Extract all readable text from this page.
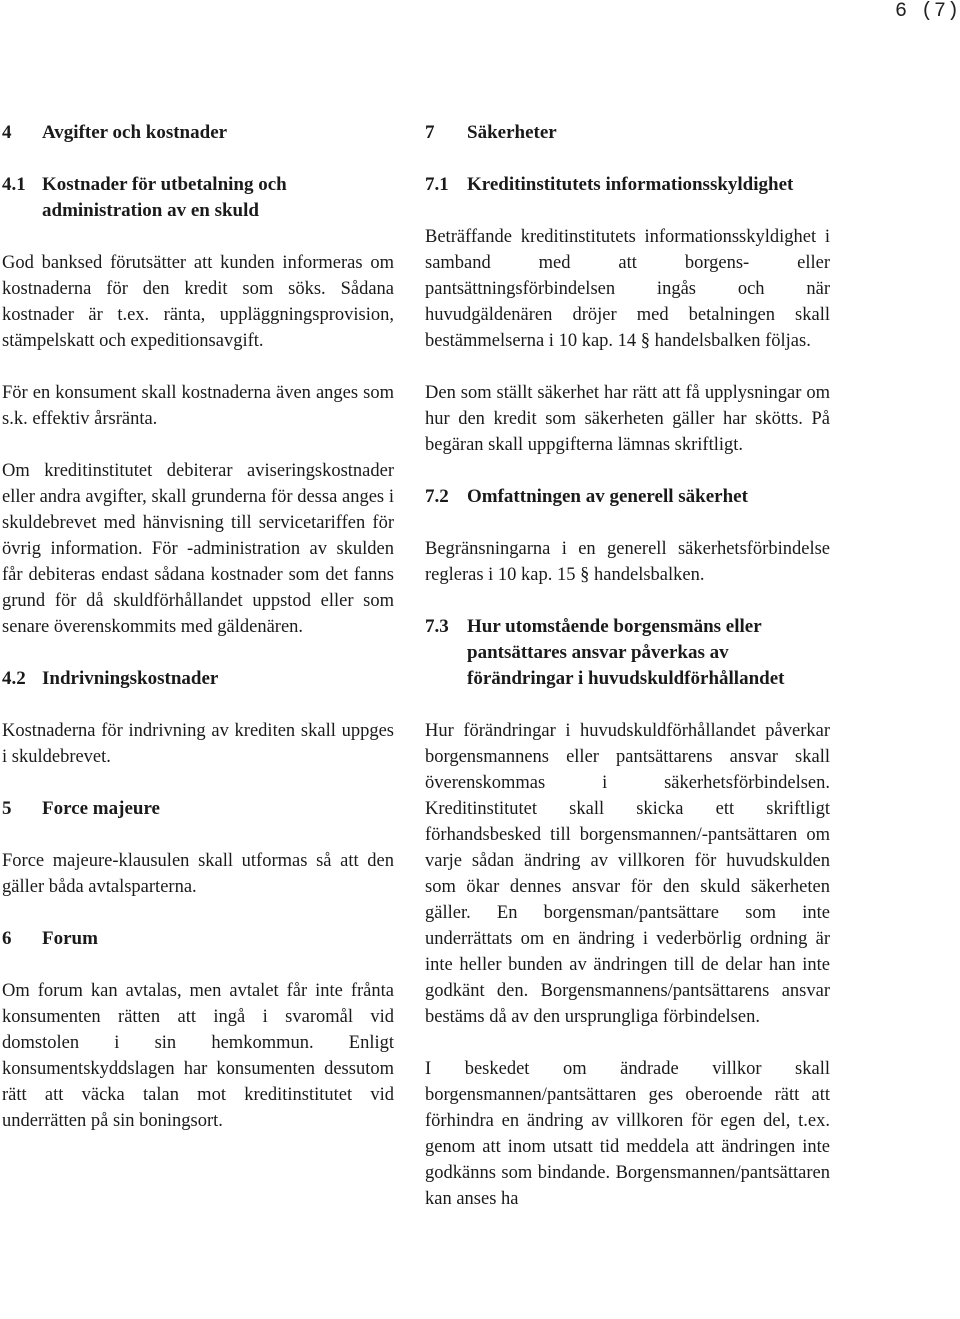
6 (7)
4	Avgifter och kostnader
4.1 Kostnader för utbetalning och administration av en skuld

God banksed förutsätter att kunden informeras om kostnaderna för den kredit som söks. Sådana kostnader är t.ex. ränta, uppläggningsprovision, stämpelskatt och expeditionsavgift.

För en konsument skall kostnaderna även anges som s.k. effektiv årsränta.

Om kreditinstitutet debiterar aviseringskostnader eller andra avgifter, skall grunderna för dessa anges i skuldebrevet med hänvisning till servicetariffen för övrig information. För -administration av skulden får debiteras endast sådana kostnader som det fanns grund för då skuldförhållandet uppstod eller som senare överenskommits med gäldenären.

4.2 Indrivningskostnader

Kostnaderna för indrivning av krediten skall uppges i skuldebrevet.

5	Force majeure

Force majeure-klausulen skall utformas så att den gäller båda avtalsparterna.

6	Forum

Om forum kan avtalas, men avtalet får inte frånta konsumenten rätten att ingå i svaromål vid domstolen i sin hemkommun. Enligt konsumentskyddslagen har konsumenten dessutom rätt att väcka talan mot kreditinstitutet vid underrätten på sin boningsort.

7	Säkerheter
7.1 Kreditinstitutets informationsskyldighet

Beträffande kreditinstitutets informationsskyldighet i samband med att borgens- eller pantsättningsförbindelsen ingås och när huvudgäldenären dröjer med betalningen skall bestämmelserna i 10 kap. 14 § handelsbalken följas.

Den som ställt säkerhet har rätt att få upplysningar om hur den kredit som säkerheten gäller har skötts. På begäran skall uppgifterna lämnas skriftligt.

7.2 Omfattningen av generell säkerhet

Begränsningarna i en generell säkerhetsförbindelse regleras i 10 kap. 15 § handelsbalken.

7.3 Hur utomstående borgensmäns eller pantsättares ansvar påverkas av förändringar i huvudskuldförhållandet

Hur förändringar i huvudskuldförhållandet påverkar borgensmannens eller pantsättarens ansvar skall överenskommas i säkerhetsförbindelsen. Kreditinstitutet skall skicka ett skriftligt förhandsbesked till borgensmannen/-pantsättaren om varje sådan ändring av villkoren för huvudskulden som ökar dennes ansvar för den skuld säkerheten gäller. En borgensman/pantsättare som inte underrättats om en ändring i vederbörlig ordning är inte heller bunden av ändringen till de delar han inte godkänt den. Borgensmannens/pantsättarens ansvar bestäms då av den ursprungliga förbindelsen.

I beskedet om ändrade villkor skall borgensmannen/pantsättaren ges oberoende rätt att förhindra en ändring av villkoren för egen del, t.ex. genom att inom utsatt tid meddela att ändringen inte godkänns som bindande. Borgensmannen/pantsättaren kan anses ha
